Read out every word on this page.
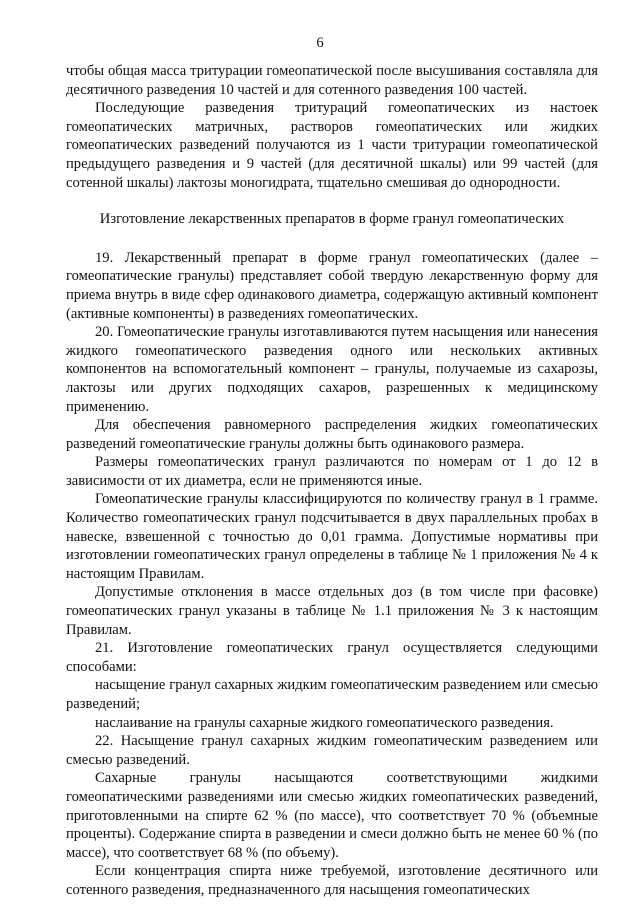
6

чтобы общая масса тритурации гомеопатической после высушивания составляла для десятичного разведения 10 частей и для сотенного разведения 100 частей.

Последующие разведения тритураций гомеопатических из настоек гомеопатических матричных, растворов гомеопатических или жидких гомеопатических разведений получаются из 1 части тритурации гомеопатической предыдущего разведения и 9 частей (для десятичной шкалы) или 99 частей (для сотенной шкалы) лактозы моногидрата, тщательно смешивая до однородности.

Изготовление лекарственных препаратов в форме гранул гомеопатических

19. Лекарственный препарат в форме гранул гомеопатических (далее – гомеопатические гранулы) представляет собой твердую лекарственную форму для приема внутрь в виде сфер одинакового диаметра, содержащую активный компонент (активные компоненты) в разведениях гомеопатических.

20. Гомеопатические гранулы изготавливаются путем насыщения или нанесения жидкого гомеопатического разведения одного или нескольких активных компонентов на вспомогательный компонент – гранулы, получаемые из сахарозы, лактозы или других подходящих сахаров, разрешенных к медицинскому применению.

Для обеспечения равномерного распределения жидких гомеопатических разведений гомеопатические гранулы должны быть одинакового размера.

Размеры гомеопатических гранул различаются по номерам от 1 до 12 в зависимости от их диаметра, если не применяются иные.

Гомеопатические гранулы классифицируются по количеству гранул в 1 грамме. Количество гомеопатических гранул подсчитывается в двух параллельных пробах в навеске, взвешенной с точностью до 0,01 грамма. Допустимые нормативы при изготовлении гомеопатических гранул определены в таблице № 1 приложения № 4 к настоящим Правилам.

Допустимые отклонения в массе отдельных доз (в том числе при фасовке) гомеопатических гранул указаны в таблице № 1.1 приложения № 3 к настоящим Правилам.

21. Изготовление гомеопатических гранул осуществляется следующими способами:

насыщение гранул сахарных жидким гомеопатическим разведением или смесью разведений;

наслаивание на гранулы сахарные жидкого гомеопатического разведения.

22. Насыщение гранул сахарных жидким гомеопатическим разведением или смесью разведений.

Сахарные гранулы насыщаются соответствующими жидкими гомеопатическими разведениями или смесью жидких гомеопатических разведений, приготовленными на спирте 62 % (по массе), что соответствует 70 % (объемные проценты). Содержание спирта в разведении и смеси должно быть не менее 60 % (по массе), что соответствует 68 % (по объему).

Если концентрация спирта ниже требуемой, изготовление десятичного или сотенного разведения, предназначенного для насыщения гомеопатических
